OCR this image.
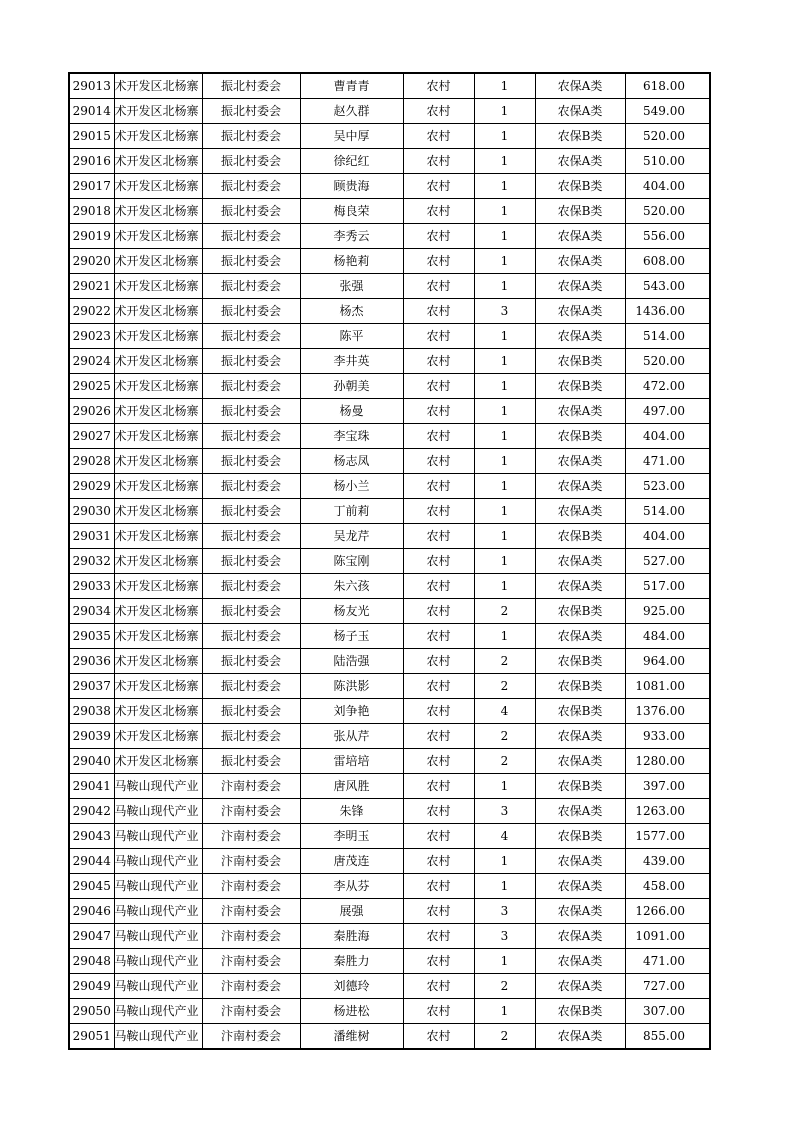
29013	术开发区北杨寨	振北村委会	曹青青	农村	1	农保A类	618.00
29014	术开发区北杨寨	振北村委会	赵久群	农村	1	农保A类	549.00
29015	术开发区北杨寨	振北村委会	吴中厚	农村	1	农保B类	520.00
29016	术开发区北杨寨	振北村委会	徐纪红	农村	1	农保A类	510.00
29017	术开发区北杨寨	振北村委会	顾贵海	农村	1	农保B类	404.00
29018	术开发区北杨寨	振北村委会	梅良荣	农村	1	农保B类	520.00
29019	术开发区北杨寨	振北村委会	李秀云	农村	1	农保A类	556.00
29020	术开发区北杨寨	振北村委会	杨艳莉	农村	1	农保A类	608.00
29021	术开发区北杨寨	振北村委会	张强	农村	1	农保A类	543.00
29022	术开发区北杨寨	振北村委会	杨杰	农村	3	农保A类	1436.00
29023	术开发区北杨寨	振北村委会	陈平	农村	1	农保A类	514.00
29024	术开发区北杨寨	振北村委会	李井英	农村	1	农保B类	520.00
29025	术开发区北杨寨	振北村委会	孙朝美	农村	1	农保B类	472.00
29026	术开发区北杨寨	振北村委会	杨曼	农村	1	农保A类	497.00
29027	术开发区北杨寨	振北村委会	李宝珠	农村	1	农保B类	404.00
29028	术开发区北杨寨	振北村委会	杨志凤	农村	1	农保A类	471.00
29029	术开发区北杨寨	振北村委会	杨小兰	农村	1	农保A类	523.00
29030	术开发区北杨寨	振北村委会	丁前莉	农村	1	农保A类	514.00
29031	术开发区北杨寨	振北村委会	吴龙芹	农村	1	农保B类	404.00
29032	术开发区北杨寨	振北村委会	陈宝刚	农村	1	农保A类	527.00
29033	术开发区北杨寨	振北村委会	朱六孩	农村	1	农保A类	517.00
29034	术开发区北杨寨	振北村委会	杨友光	农村	2	农保B类	925.00
29035	术开发区北杨寨	振北村委会	杨子玉	农村	1	农保A类	484.00
29036	术开发区北杨寨	振北村委会	陆浩强	农村	2	农保B类	964.00
29037	术开发区北杨寨	振北村委会	陈洪影	农村	2	农保B类	1081.00
29038	术开发区北杨寨	振北村委会	刘争艳	农村	4	农保B类	1376.00
29039	术开发区北杨寨	振北村委会	张从芹	农村	2	农保A类	933.00
29040	术开发区北杨寨	振北村委会	雷培培	农村	2	农保A类	1280.00
29041	马鞍山现代产业	汴南村委会	唐风胜	农村	1	农保B类	397.00
29042	马鞍山现代产业	汴南村委会	朱锋	农村	3	农保A类	1263.00
29043	马鞍山现代产业	汴南村委会	李明玉	农村	4	农保B类	1577.00
29044	马鞍山现代产业	汴南村委会	唐茂连	农村	1	农保A类	439.00
29045	马鞍山现代产业	汴南村委会	李从芬	农村	1	农保A类	458.00
29046	马鞍山现代产业	汴南村委会	展强	农村	3	农保A类	1266.00
29047	马鞍山现代产业	汴南村委会	秦胜海	农村	3	农保A类	1091.00
29048	马鞍山现代产业	汴南村委会	秦胜力	农村	1	农保A类	471.00
29049	马鞍山现代产业	汴南村委会	刘德玲	农村	2	农保A类	727.00
29050	马鞍山现代产业	汴南村委会	杨进松	农村	1	农保B类	307.00
29051	马鞍山现代产业	汴南村委会	潘维树	农村	2	农保A类	855.00
